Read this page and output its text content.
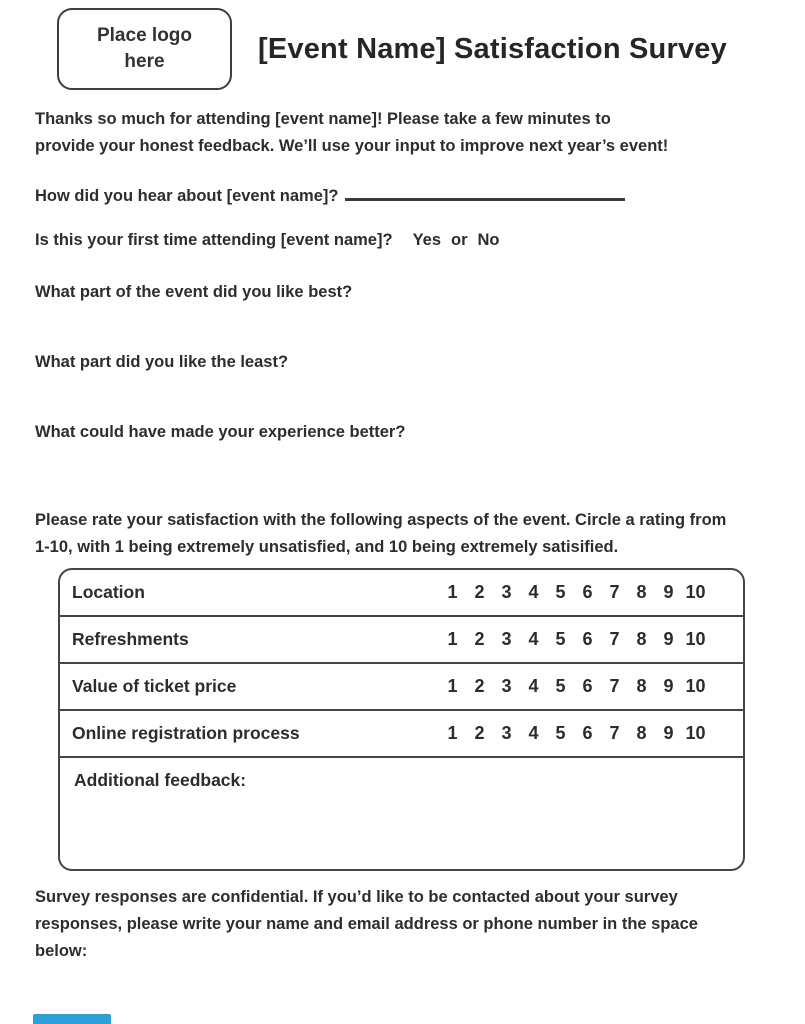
Place logo
here	[Event Name] Satisfaction Survey
Thanks so much for attending [event name]! Please take a few minutes to
provide your honest feedback. We’ll use your input to improve next year’s event!
How did you hear about [event name]?
Is this your first time attending [event name]? Yes or No
What part of the event did you like best?
What part did you like the least?
What could have made your experience better?
Please rate your satisfaction with the following aspects of the event. Circle a rating from
1-10, with 1 being extremely unsatisfied, and 10 being extremely satisified.
Location	1 2 3 4 5 6 7 8 9 10
Refreshments	1 2 3 4 5 6 7 8 9 10
Value of ticket price	1 2 3 4 5 6 7 8 9 10
Online registration process	1 2 3 4 5 6 7 8 9 10
Additional feedback:
Survey responses are confidential. If you’d like to be contacted about your survey
responses, please write your name and email address or phone number in the space
below:
